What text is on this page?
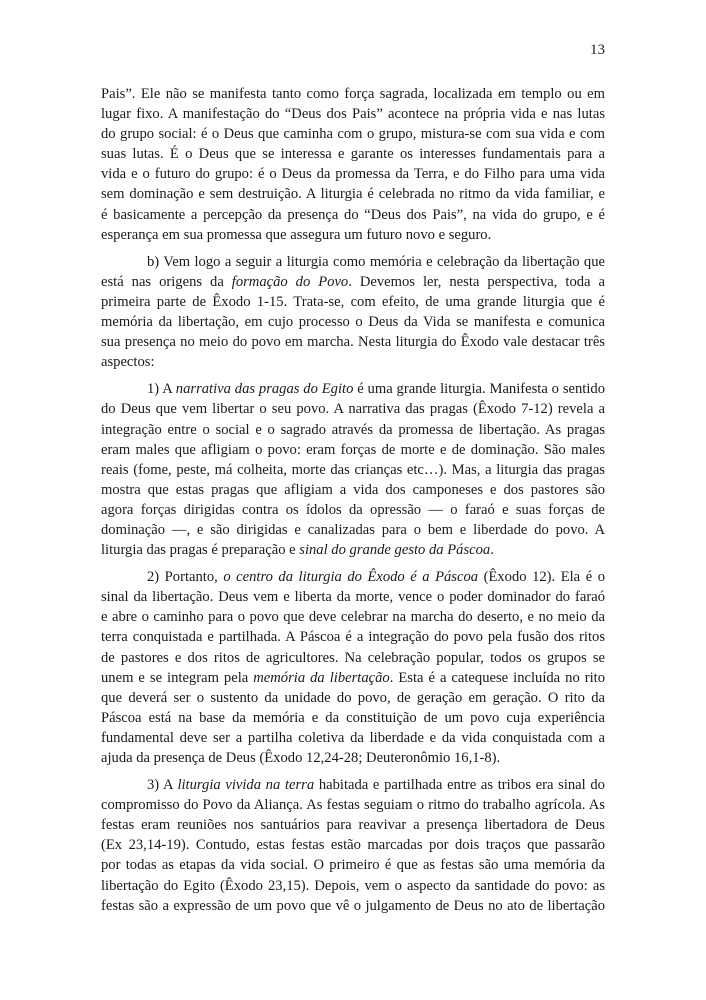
13
Pais”. Ele não se manifesta tanto como força sagrada, localizada em templo ou em
lugar fixo. A manifestação do “Deus dos Pais” acontece na própria vida e nas lutas
do grupo social: é o Deus que caminha com o grupo, mistura-se com sua vida e com
suas lutas. É o Deus que se interessa e garante os interesses fundamentais para a
vida e o futuro do grupo: é o Deus da promessa da Terra, e do Filho para uma vida
sem dominação e sem destruição. A liturgia é celebrada no ritmo da vida familiar, e
é basicamente a percepção da presença do “Deus dos Pais”, na vida do grupo, e é
esperança em sua promessa que assegura um futuro novo e seguro.
b) Vem logo a seguir a liturgia como memória e celebração da libertação que
está nas origens da formação do Povo. Devemos ler, nesta perspectiva, toda a
primeira parte de Êxodo 1-15. Trata-se, com efeito, de uma grande liturgia que é
memória da libertação, em cujo processo o Deus da Vida se manifesta e comunica
sua presença no meio do povo em marcha. Nesta liturgia do Êxodo vale destacar três
aspectos:
1) A narrativa das pragas do Egito é uma grande liturgia. Manifesta o sentido
do Deus que vem libertar o seu povo. A narrativa das pragas (Êxodo 7-12) revela a
integração entre o social e o sagrado através da promessa de libertação. As pragas
eram males que afligiam o povo: eram forças de morte e de dominação. São males
reais (fome, peste, má colheita, morte das crianças etc…). Mas, a liturgia das pragas
mostra que estas pragas que afligiam a vida dos camponeses e dos pastores são
agora forças dirigidas contra os ídolos da opressão — o faraó e suas forças de
dominação —, e são dirigidas e canalizadas para o bem e liberdade do povo. A
liturgia das pragas é preparação e sinal do grande gesto da Páscoa.
2) Portanto, o centro da liturgia do Êxodo é a Páscoa (Êxodo 12). Ela é o
sinal da libertação. Deus vem e liberta da morte, vence o poder dominador do faraó
e abre o caminho para o povo que deve celebrar na marcha do deserto, e no meio da
terra conquistada e partilhada. A Páscoa é a integração do povo pela fusão dos ritos
de pastores e dos ritos de agricultores. Na celebração popular, todos os grupos se
unem e se integram pela memória da libertação. Esta é a catequese incluída no rito
que deverá ser o sustento da unidade do povo, de geração em geração. O rito da
Páscoa está na base da memória e da constituição de um povo cuja experiência
fundamental deve ser a partilha coletiva da liberdade e da vida conquistada com a
ajuda da presença de Deus (Êxodo 12,24-28; Deuteronômio 16,1-8).
3) A liturgia vivida na terra habitada e partilhada entre as tribos era sinal do
compromisso do Povo da Aliança. As festas seguiam o ritmo do trabalho agrícola. As
festas eram reuniões nos santuários para reavivar a presença libertadora de Deus
(Ex 23,14-19). Contudo, estas festas estão marcadas por dois traços que passarão
por todas as etapas da vida social. O primeiro é que as festas são uma memória da
libertação do Egito (Êxodo 23,15). Depois, vem o aspecto da santidade do povo: as
festas são a expressão de um povo que vê o julgamento de Deus no ato de libertação
